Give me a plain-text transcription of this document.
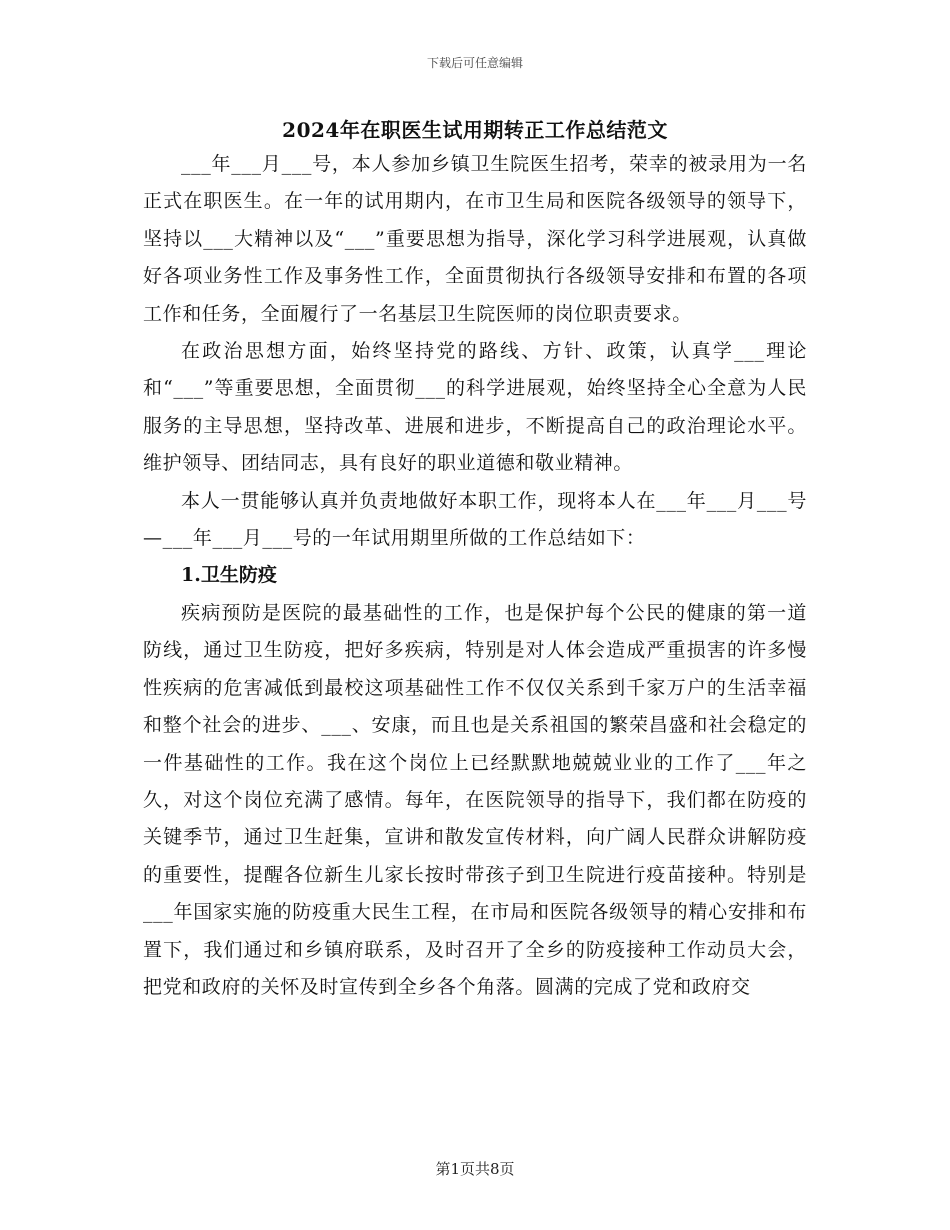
下载后可任意编辑
2024年在职医生试用期转正工作总结范文

___年___月___号，本人参加乡镇卫生院医生招考，荣幸的被录用为一名正式在职医生。在一年的试用期内，在市卫生局和医院各级领导的领导下，坚持以___大精神以及“___”重要思想为指导，深化学习科学进展观，认真做好各项业务性工作及事务性工作，全面贯彻执行各级领导安排和布置的各项工作和任务，全面履行了一名基层卫生院医师的岗位职责要求。

在政治思想方面，始终坚持党的路线、方针、政策，认真学___理论和“___”等重要思想，全面贯彻___的科学进展观，始终坚持全心全意为人民服务的主导思想，坚持改革、进展和进步，不断提高自己的政治理论水平。维护领导、团结同志，具有良好的职业道德和敬业精神。

本人一贯能够认真并负责地做好本职工作，现将本人在___年___月___号—___年___月___号的一年试用期里所做的工作总结如下：

1.卫生防疫

疾病预防是医院的最基础性的工作，也是保护每个公民的健康的第一道防线，通过卫生防疫，把好多疾病，特别是对人体会造成严重损害的许多慢性疾病的危害减低到最校这项基础性工作不仅仅关系到千家万户的生活幸福和整个社会的进步、___、安康，而且也是关系祖国的繁荣昌盛和社会稳定的一件基础性的工作。我在这个岗位上已经默默地兢兢业业的工作了___年之久，对这个岗位充满了感情。每年，在医院领导的指导下，我们都在防疫的关键季节，通过卫生赶集，宣讲和散发宣传材料，向广阔人民群众讲解防疫的重要性，提醒各位新生儿家长按时带孩子到卫生院进行疫苗接种。特别是___年国家实施的防疫重大民生工程，在市局和医院各级领导的精心安排和布置下，我们通过和乡镇府联系，及时召开了全乡的防疫接种工作动员大会，把党和政府的关怀及时宣传到全乡各个角落。圆满的完成了党和政府交

第1页共8页
